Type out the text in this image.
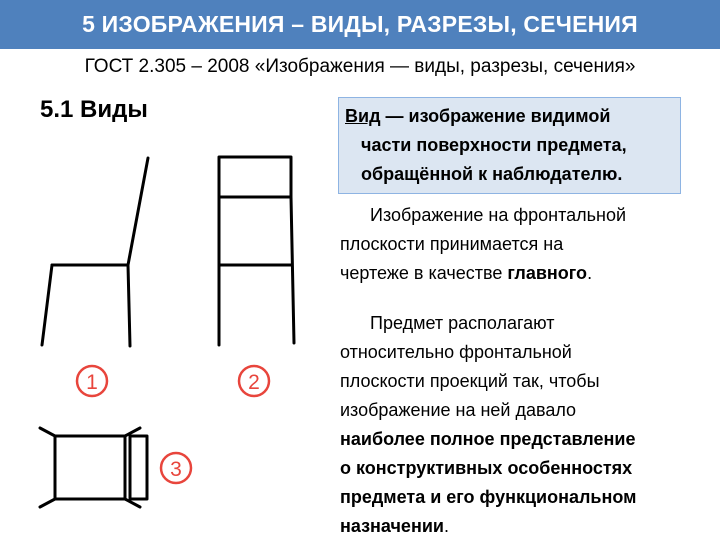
5 ИЗОБРАЖЕНИЯ – ВИДЫ, РАЗРЕЗЫ, СЕЧЕНИЯ
ГОСТ 2.305 – 2008 «Изображения — виды, разрезы, сечения»
5.1 Виды
1	2
3
Вид — изображение видимой
части поверхности предмета,
обращённой к наблюдателю.
Изображение на фронтальной
плоскости принимается на
чертеже в качестве главного.
Предмет располагают
относительно фронтальной
плоскости проекций так, чтобы
изображение на ней давало
наиболее полное представление
о конструктивных особенностях
предмета и его функциональном
назначении.
